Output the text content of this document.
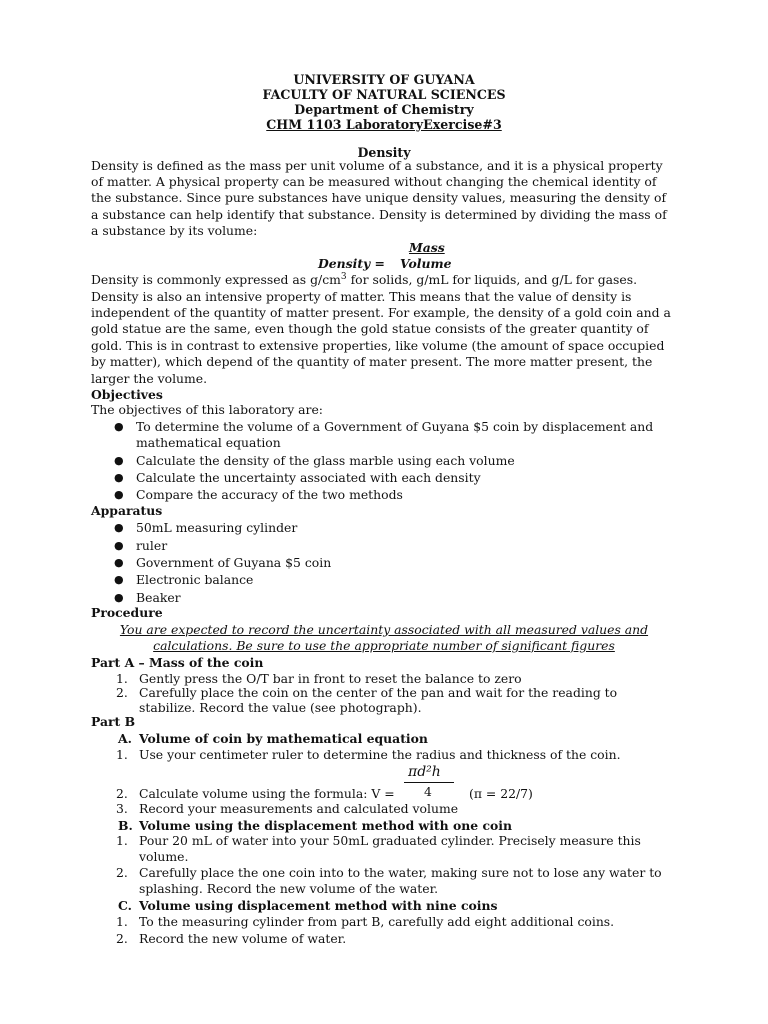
UNIVERSITY OF GUYANA
FACULTY OF NATURAL SCIENCES
Department of Chemistry
CHM 1103 LaboratoryExercise#3
Density
Density is defined as the mass per unit volume of a substance, and it is a physical property
of matter. A physical property can be measured without changing the chemical identity of
the substance. Since pure substances have unique density values, measuring the density of
a substance can help identify that substance. Density is determined by dividing the mass of
a substance by its volume:
Mass
Density = Volume
Density is commonly expressed as $g/cm^3$ for solids, g/mL for liquids, and g/L for gases.
Density is also an intensive property of matter. This means that the value of density is
independent of the quantity of matter present. For example, the density of a gold coin and a
gold statue are the same, even though the gold statue consists of the greater quantity of
gold. This is in contrast to extensive properties, like volume (the amount of space occupied
by matter), which depend of the quantity of mater present. The more matter present, the
larger the volume.
Objectives
The objectives of this laboratory are:
● To determine the volume of a Government of Guyana $5 coin by displacement and
mathematical equation
● Calculate the density of the glass marble using each volume
● Calculate the uncertainty associated with each density
● Compare the accuracy of the two methods
Apparatus
● 50mL measuring cylinder
● ruler
● Government of Guyana $5 coin
● Electronic balance
● Beaker
Procedure
You are expected to record the uncertainty associated with all measured values and
calculations. Be sure to use the appropriate number of significant figures
Part A – Mass of the coin
1. Gently press the O/T bar in front to reset the balance to zero
2. Carefully place the coin on the center of the pan and wait for the reading to
stabilize. Record the value (see photograph).
Part B
A. Volume of coin by mathematical equation
1. Use your centimeter ruler to determine the radius and thickness of the coin.
πd²h
4
2. Calculate volume using the formula: V =	(π = 22/7)
3. Record your measurements and calculated volume
B. Volume using the displacement method with one coin
1. Pour 20 mL of water into your 50mL graduated cylinder. Precisely measure this
volume.
2. Carefully place the one coin into to the water, making sure not to lose any water to
splashing. Record the new volume of the water.
C. Volume using displacement method with nine coins
1. To the measuring cylinder from part B, carefully add eight additional coins.
2. Record the new volume of water.
